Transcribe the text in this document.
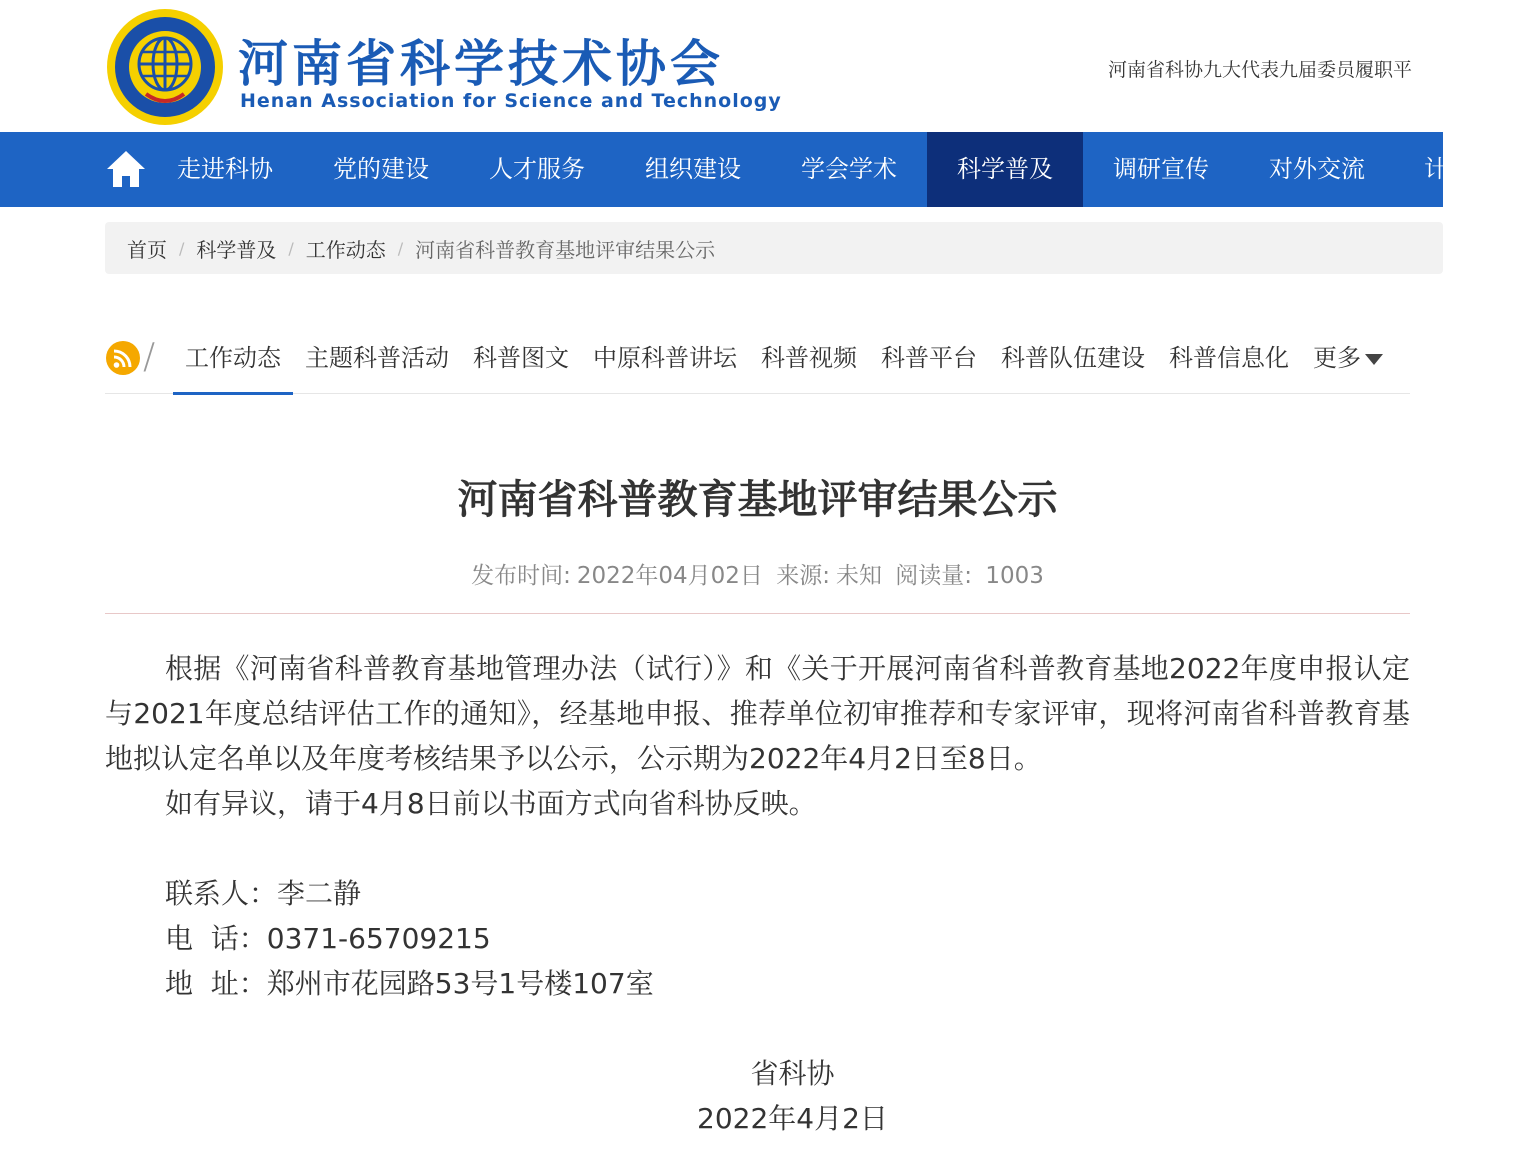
河南省科学技术协会
Henan Association for Science and Technology
河南省科协九大代表九届委员履职平
走进科协	党的建设	人才服务	组织建设	学会学术	科学普及	调研宣传	对外交流 计
首页 / 科学普及 / 工作动态 / 河南省科普教育基地评审结果公示
/ 工作动态 主题科普活动 科普图文 中原科普讲坛 科普视频 科普平台 科普队伍建设 科普信息化 更多
河南省科普教育基地评审结果公示
发布时间: 2022年04月02日 来源: 未知 阅读量: 1003

根据《河南省科普教育基地管理办法（试行）》和《关于开展河南省科普教育基地2022年度申报认定与2021年度总结评估工作的通知》，经基地申报、推荐单位初审推荐和专家评审，现将河南省科普教育基地拟认定名单以及年度考核结果予以公示，公示期为2022年4月2日至8日。

如有异议，请于4月8日前以书面方式向省科协反映。

联系人：李二静

电  话：0371-65709215

地  址：郑州市花园路53号1号楼107室

省科协

2022年4月2日
